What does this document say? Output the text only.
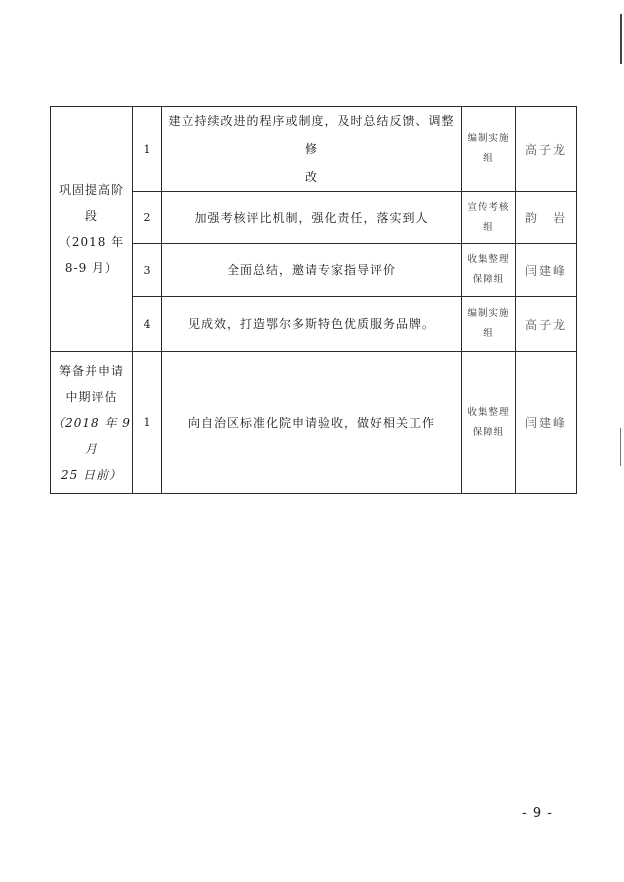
巩固提高阶
段
（2018 年
8-9 月）	1	建立持续改进的程序或制度，及时总结反馈、调整修
改	编制实施
组	高子龙
	2	加强考核评比机制，强化责任，落实到人	宣传考核
组	韵　岩
	3	全面总结，邀请专家指导评价	收集整理
保障组	闫建峰
	4	见成效，打造鄂尔多斯特色优质服务品牌。	编制实施
组	高子龙

筹备并申请
中期评估
（2018 年 9 月
25 日前）	1	向自治区标准化院申请验收，做好相关工作	收集整理
保障组	闫建峰
- 9 -
